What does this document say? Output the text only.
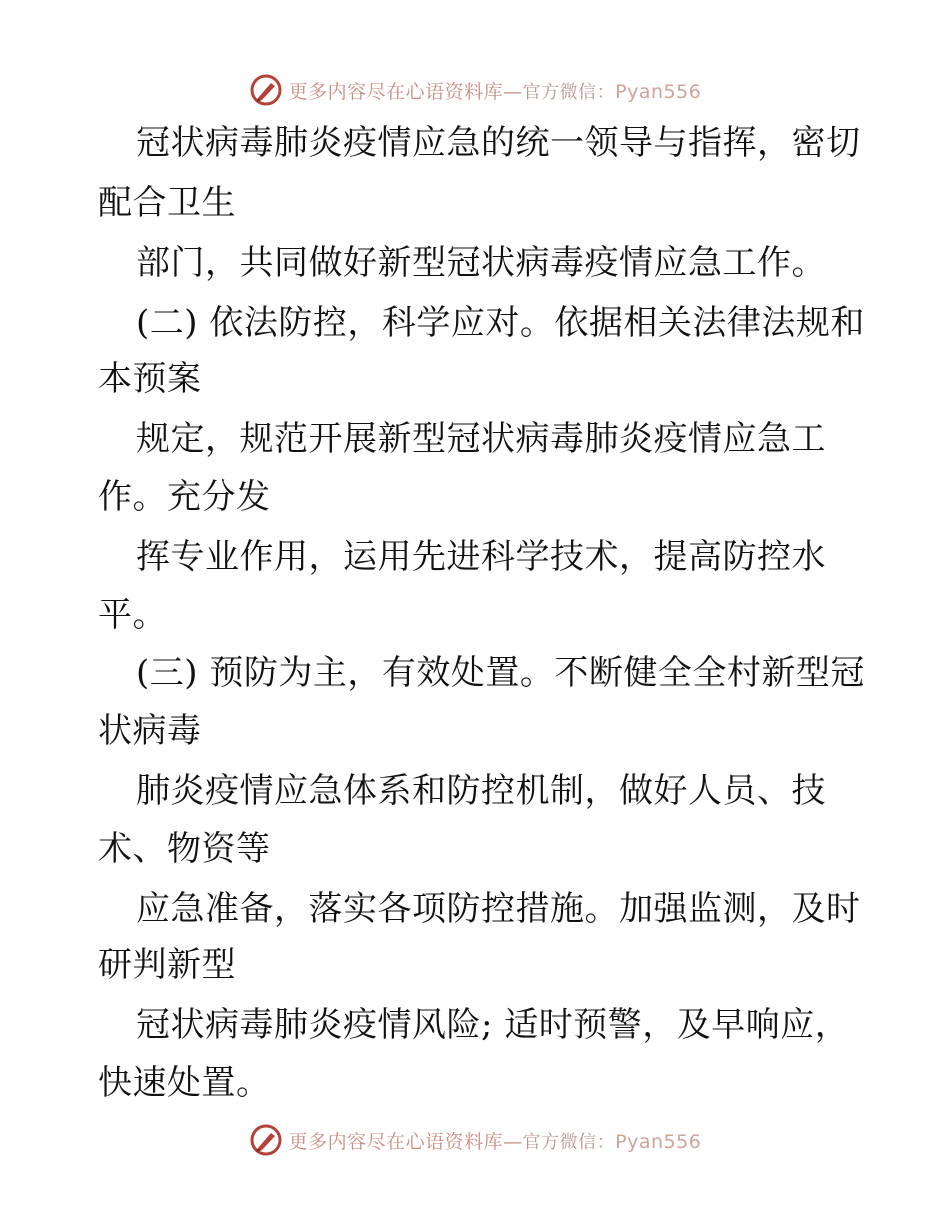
更多内容尽在心语资料库—官方微信：Pyan556
冠状病毒肺炎疫情应急的统一领导与指挥，密切
配合卫生
部门，共同做好新型冠状病毒疫情应急工作。
(二) 依法防控，科学应对。依据相关法律法规和
本预案
规定，规范开展新型冠状病毒肺炎疫情应急工
作。充分发
挥专业作用，运用先进科学技术，提高防控水
平。
(三) 预防为主，有效处置。不断健全全村新型冠
状病毒
肺炎疫情应急体系和防控机制，做好人员、技
术、物资等
应急准备，落实各项防控措施。加强监测，及时
研判新型
冠状病毒肺炎疫情风险; 适时预警，及早响应，
快速处置。
更多内容尽在心语资料库—官方微信：Pyan556
